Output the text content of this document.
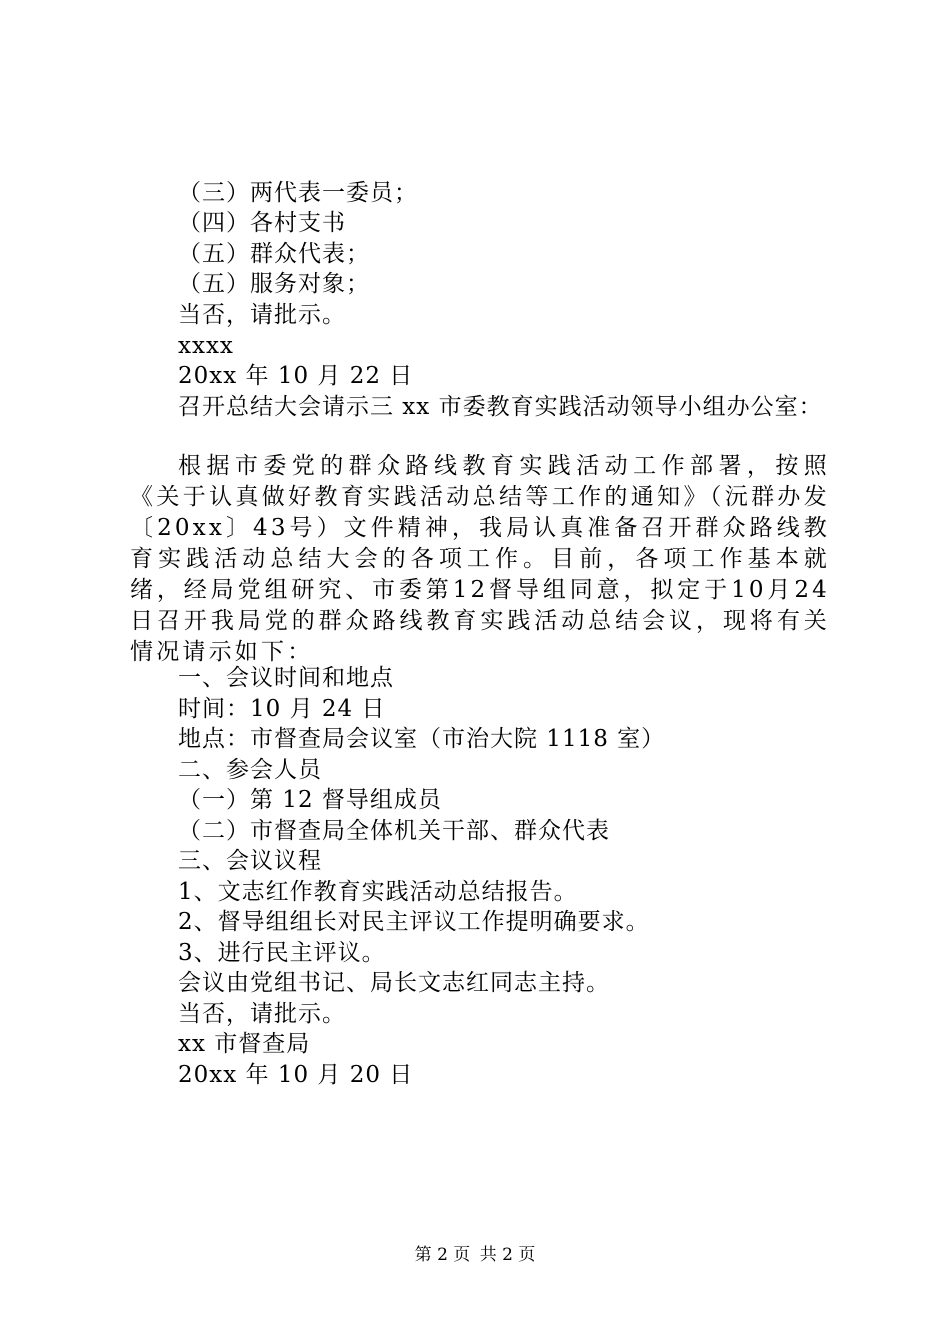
（三）两代表一委员；
（四）各村支书
（五）群众代表；
（五）服务对象；
当否，请批示。
xxxx
20xx 年 10 月 22 日
召开总结大会请示三 xx 市委教育实践活动领导小组办公室：
根据市委党的群众路线教育实践活动工作部署，按照《关于认真做好教育实践活动总结等工作的通知》（沅群办发〔20xx〕43号）文件精神，我局认真准备召开群众路线教育实践活动总结大会的各项工作。目前，各项工作基本就绪，经局党组研究、市委第12督导组同意，拟定于10月24日召开我局党的群众路线教育实践活动总结会议，现将有关情况请示如下：
一、会议时间和地点
时间：10 月 24 日
地点：市督查局会议室（市治大院 1118 室）
二、参会人员
（一）第 12 督导组成员
（二）市督查局全体机关干部、群众代表
三、会议议程
1、文志红作教育实践活动总结报告。
2、督导组组长对民主评议工作提明确要求。
3、进行民主评议。
会议由党组书记、局长文志红同志主持。
当否，请批示。
xx 市督查局
20xx 年 10 月 20 日
第 2 页 共 2 页
